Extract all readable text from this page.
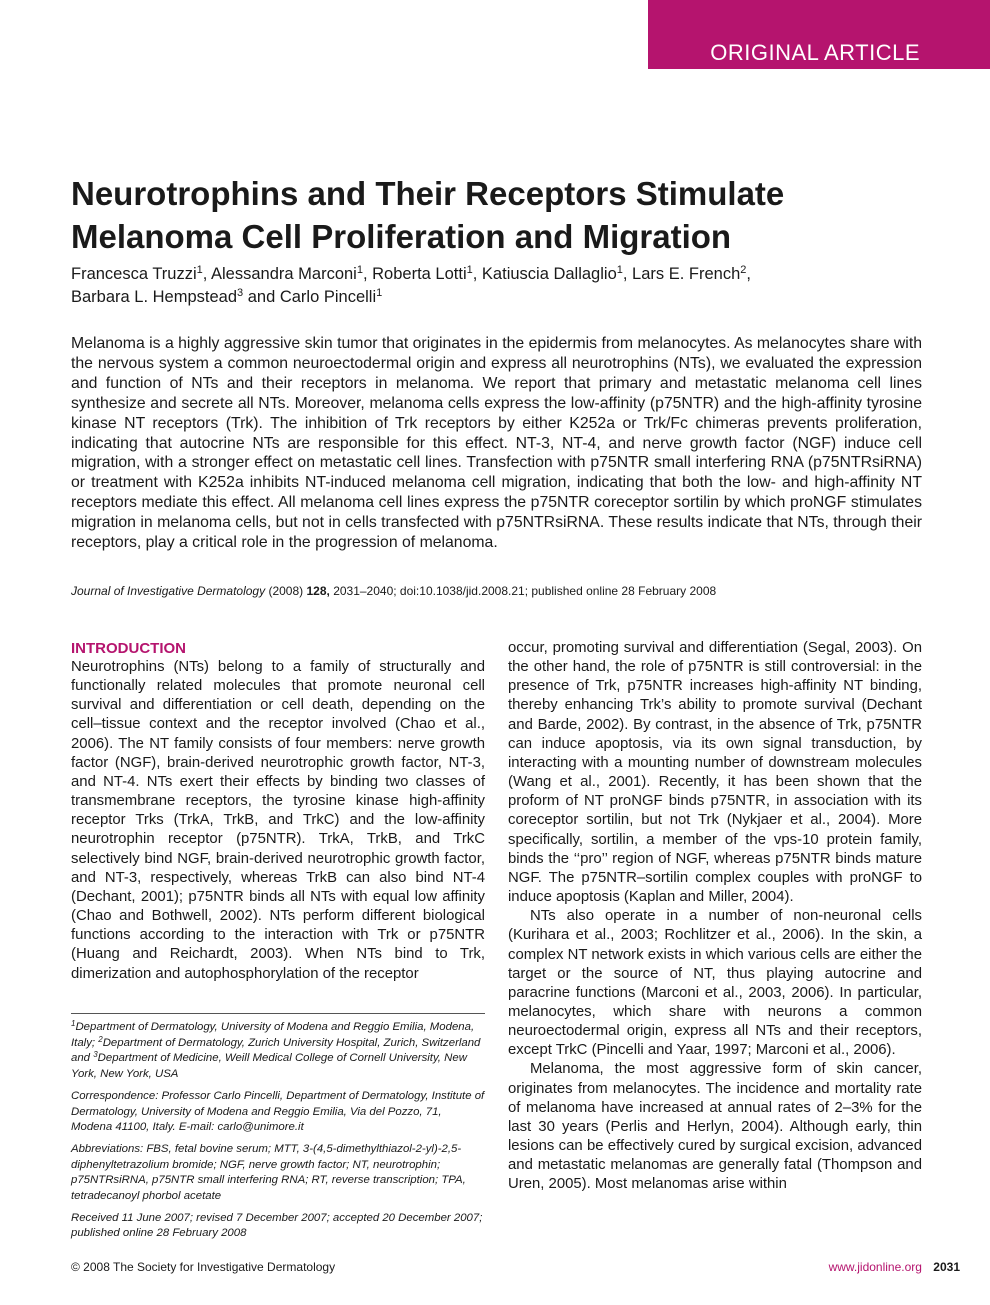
ORIGINAL ARTICLE
Neurotrophins and Their Receptors Stimulate
Melanoma Cell Proliferation and Migration
Francesca Truzzi$^1$, Alessandra Marconi$^1$, Roberta Lotti$^1$, Katiuscia Dallaglio$^1$, Lars E. French$^2$,
Barbara L. Hempstead$^3$ and Carlo Pincelli$^1$

Melanoma is a highly aggressive skin tumor that originates in the epidermis from melanocytes. As melanocytes share with the nervous system a common neuroectodermal origin and express all neurotrophins (NTs), we evaluated the expression and function of NTs and their receptors in melanoma. We report that primary and metastatic melanoma cell lines synthesize and secrete all NTs. Moreover, melanoma cells express the low-affinity (p75NTR) and the high-affinity tyrosine kinase NT receptors (Trk). The inhibition of Trk receptors by either K252a or Trk/Fc chimeras prevents proliferation, indicating that autocrine NTs are responsible for this effect. NT-3, NT-4, and nerve growth factor (NGF) induce cell migration, with a stronger effect on metastatic cell lines. Transfection with p75NTR small interfering RNA (p75NTRsiRNA) or treatment with K252a inhibits NT-induced melanoma cell migration, indicating that both the low- and high-affinity NT receptors mediate this effect. All melanoma cell lines express the p75NTR coreceptor sortilin by which proNGF stimulates migration in melanoma cells, but not in cells transfected with p75NTRsiRNA. These results indicate that NTs, through their receptors, play a critical role in the progression of melanoma.

Journal of Investigative Dermatology (2008) 128, 2031–2040; doi:10.1038/jid.2008.21; published online 28 February 2008
INTRODUCTION

Neurotrophins (NTs) belong to a family of structurally and functionally related molecules that promote neuronal cell survival and differentiation or cell death, depending on the cell–tissue context and the receptor involved (Chao et al., 2006). The NT family consists of four members: nerve growth factor (NGF), brain-derived neurotrophic growth factor, NT-3, and NT-4. NTs exert their effects by binding two classes of transmembrane receptors, the tyrosine kinase high-affinity receptor Trks (TrkA, TrkB, and TrkC) and the low-affinity neurotrophin receptor (p75NTR). TrkA, TrkB, and TrkC selectively bind NGF, brain-derived neurotrophic growth factor, and NT-3, respectively, whereas TrkB can also bind NT-4 (Dechant, 2001); p75NTR binds all NTs with equal low affinity (Chao and Bothwell, 2002). NTs perform different biological functions according to the interaction with Trk or p75NTR (Huang and Reichardt, 2003). When NTs bind to Trk, dimerization and autophosphorylation of the receptor

occur, promoting survival and differentiation (Segal, 2003). On the other hand, the role of p75NTR is still controversial: in the presence of Trk, p75NTR increases high-affinity NT binding, thereby enhancing Trk’s ability to promote survival (Dechant and Barde, 2002). By contrast, in the absence of Trk, p75NTR can induce apoptosis, via its own signal transduction, by interacting with a mounting number of downstream molecules (Wang et al., 2001). Recently, it has been shown that the proform of NT proNGF binds p75NTR, in association with its coreceptor sortilin, but not Trk (Nykjaer et al., 2004). More specifically, sortilin, a member of the vps-10 protein family, binds the ‘‘pro’’ region of NGF, whereas p75NTR binds mature NGF. The p75NTR–sortilin complex couples with proNGF to induce apoptosis (Kaplan and Miller, 2004).

NTs also operate in a number of non-neuronal cells (Kurihara et al., 2003; Rochlitzer et al., 2006). In the skin, a complex NT network exists in which various cells are either the target or the source of NT, thus playing autocrine and paracrine functions (Marconi et al., 2003, 2006). In particular, melanocytes, which share with neurons a common neuroectodermal origin, express all NTs and their receptors, except TrkC (Pincelli and Yaar, 1997; Marconi et al., 2006).

Melanoma, the most aggressive form of skin cancer, originates from melanocytes. The incidence and mortality rate of melanoma have increased at annual rates of 2–3% for the last 30 years (Perlis and Herlyn, 2004). Although early, thin lesions can be effectively cured by surgical excision, advanced and metastatic melanomas are generally fatal (Thompson and Uren, 2005). Most melanomas arise within

$^1$Department of Dermatology, University of Modena and Reggio Emilia, Modena, Italy; $^2$Department of Dermatology, Zurich University Hospital, Zurich, Switzerland and $^3$Department of Medicine, Weill Medical College of Cornell University, New York, New York, USA

Correspondence: Professor Carlo Pincelli, Department of Dermatology, Institute of Dermatology, University of Modena and Reggio Emilia, Via del Pozzo, 71, Modena 41100, Italy. E-mail: carlo@unimore.it

Abbreviations: FBS, fetal bovine serum; MTT, 3-(4,5-dimethylthiazol-2-yl)-2,5-diphenyltetrazolium bromide; NGF, nerve growth factor; NT, neurotrophin; p75NTRsiRNA, p75NTR small interfering RNA; RT, reverse transcription; TPA, tetradecanoyl phorbol acetate

Received 11 June 2007; revised 7 December 2007; accepted 20 December 2007; published online 28 February 2008

© 2008 The Society for Investigative Dermatology	www.jidonline.org 2031
